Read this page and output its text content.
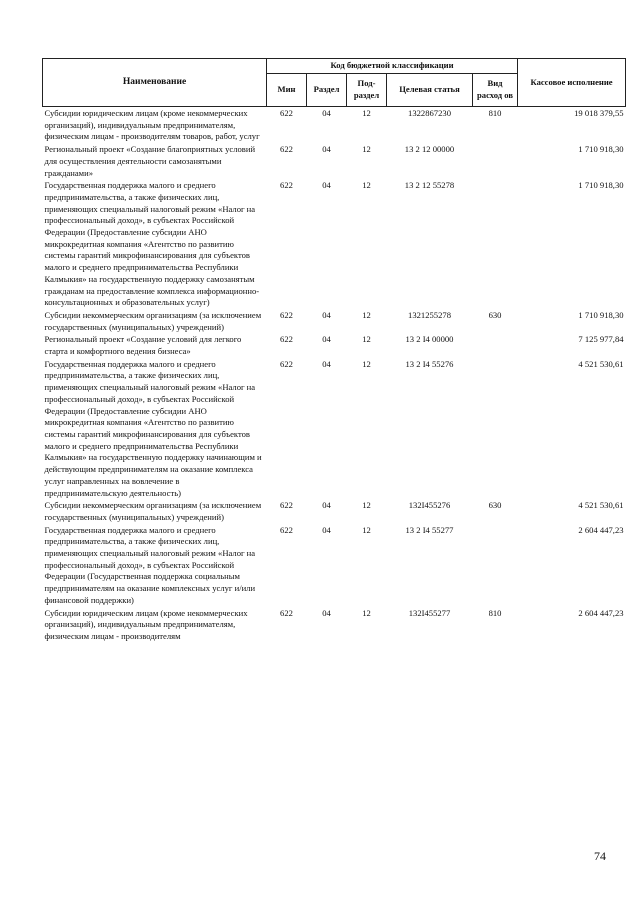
Наименование	Код бюджетной классификации					Кассовое исполнение
	Мин	Раздел	Под-раздел	Целевая статья	Вид расход ов	
Субсидии юридическим лицам (кроме некоммерческих организаций), индивидуальным предпринимателям, физическим лицам - производителям товаров, работ, услуг	622	04	12	1322867230	810	19 018 379,55
Региональный проект «Создание благоприятных условий для осуществления деятельности самозанятыми гражданами»	622	04	12	13 2 12 00000		1 710 918,30
Государственная поддержка малого и среднего предпринимательства, а также физических лиц, применяющих специальный налоговый режим «Налог на профессиональный доход», в субъектах Российской Федерации (Предоставление субсидии АНО микрокредитная компания «Агентство по развитию системы гарантий микрофинансирования для субъектов малого и среднего предпринимательства Республики Калмыкия» на государственную поддержку самозанятым гражданам на предоставление комплекса информационно-консультационных и образовательных услуг)	622	04	12	13 2 12 55278		1 710 918,30
Субсидии некоммерческим организациям (за исключением государственных (муниципальных) учреждений)	622	04	12	1321255278	630	1 710 918,30
Региональный проект «Создание условий для легкого старта и комфортного ведения бизнеса»	622	04	12	13 2 I4 00000		7 125 977,84
Государственная поддержка малого и среднего предпринимательства, а также физических лиц, применяющих специальный налоговый режим «Налог на профессиональный доход», в субъектах Российской Федерации (Предоставление субсидии АНО микрокредитная компания «Агентство по развитию системы гарантий микрофинансирования для субъектов малого и среднего предпринимательства Республики Калмыкия» на государственную поддержку начинающим и действующим предпринимателям на оказание комплекса услуг направленных на вовлечение в предпринимательскую деятельность)	622	04	12	13 2 I4 55276		4 521 530,61
Субсидии некоммерческим организациям (за исключением государственных (муниципальных) учреждений)	622	04	12	132I455276	630	4 521 530,61
Государственная поддержка малого и среднего предпринимательства, а также физических лиц, применяющих специальный налоговый режим «Налог на профессиональный доход», в субъектах Российской Федерации (Государственная поддержка социальным предпринимателям на оказание комплексных услуг и/или финансовой поддержки)	622	04	12	13 2 I4 55277		2 604 447,23
Субсидии юридическим лицам (кроме некоммерческих организаций), индивидуальным предпринимателям, физическим лицам - производителям	622	04	12	132I455277	810	2 604 447,23
74
